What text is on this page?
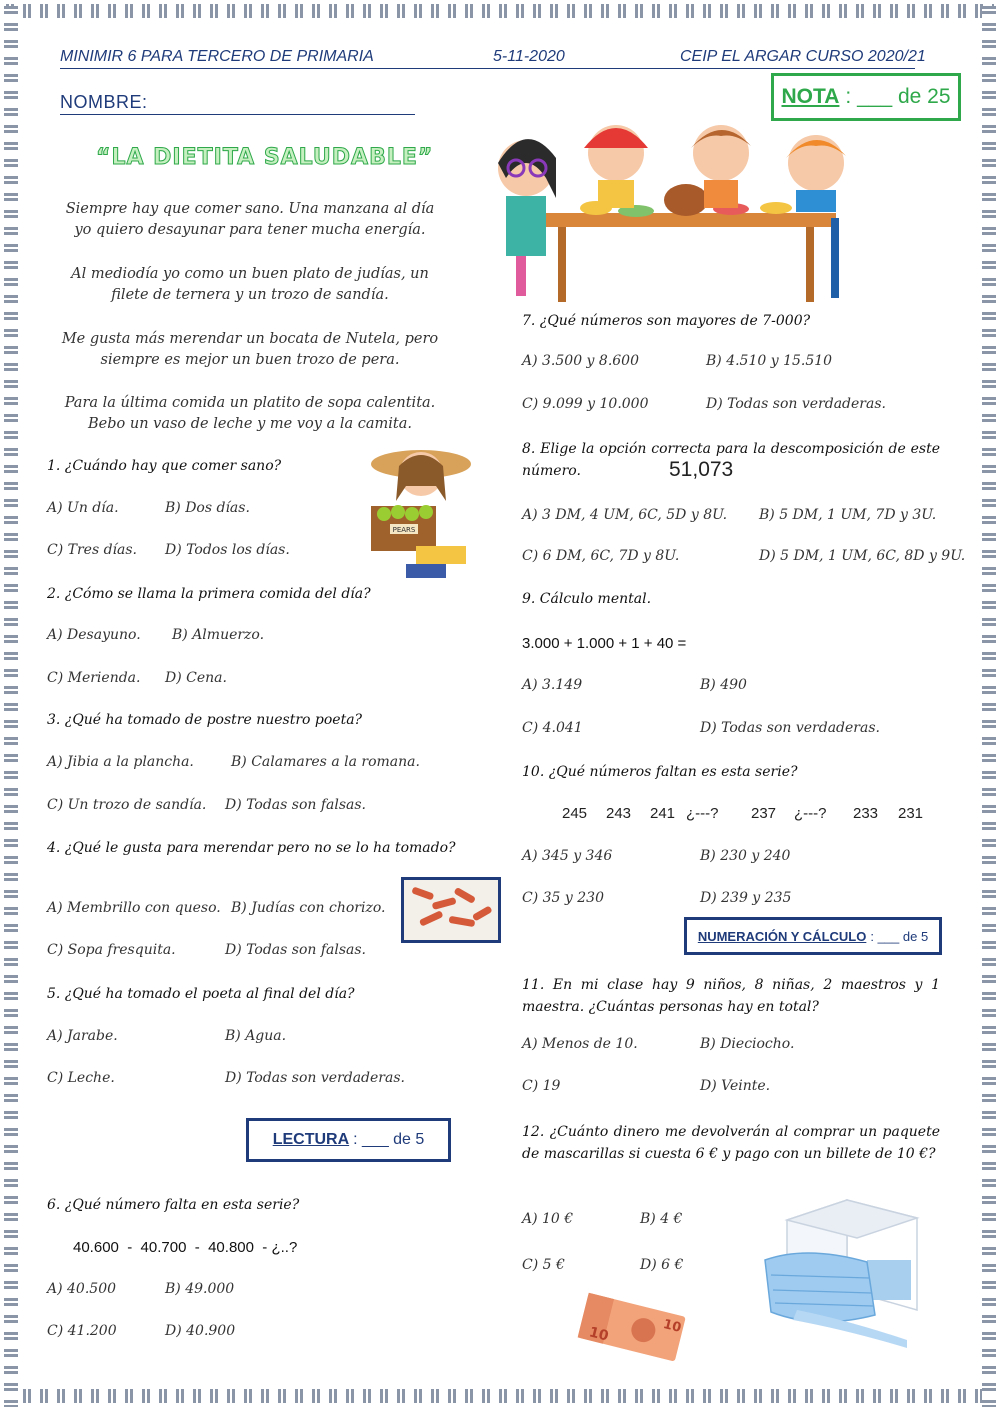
MINIMIR 6 PARA TERCERO DE PRIMARIA	5-11-2020	CEIP EL ARGAR CURSO 2020/21
NOMBRE:	NOTA : ___ de 25
“LA DIETITA SALUDABLE”
Siempre hay que comer sano. Una manzana al día
yo quiero desayunar para tener mucha energía.
Al mediodía yo como un buen plato de judías, un
filete de ternera y un trozo de sandía.
Me gusta más merendar un bocata de Nutela, pero
siempre es mejor un buen trozo de pera.
Para la última comida un platito de sopa calentita.
Bebo un vaso de leche y me voy a la camita.
PEARS
1. ¿Cuándo hay que comer sano?
A) Un día.	B) Dos días.
C) Tres días. D) Todos los días.
2. ¿Cómo se llama la primera comida del día?
A) Desayuno. B) Almuerzo.
C) Merienda. D) Cena.
3. ¿Qué ha tomado de postre nuestro poeta?
A) Jibia a la plancha.	B) Calamares a la romana.
C) Un trozo de sandía. D) Todas son falsas.
4. ¿Qué le gusta para merendar pero no se lo ha tomado?
A) Membrillo con queso. B) Judías con chorizo.
C) Sopa fresquita.	D) Todas son falsas.
5. ¿Qué ha tomado el poeta al final del día?
A) Jarabe.	B) Agua.
C) Leche.	D) Todas son verdaderas.
LECTURA : ___ de 5
6. ¿Qué número falta en esta serie?
40.600  -  40.700  -  40.800  - ¿..?
A) 40.500	B) 49.000
C) 41.200	D) 40.900
7. ¿Qué números son mayores de 7-000?
A) 3.500 y 8.600	B) 4.510 y 15.510
C) 9.099 y 10.000	D) Todas son verdaderas.
8. Elige la opción correcta para la descomposición de este número.	51,073
A) 3 DM, 4 UM, 6C, 5D y 8U. B) 5 DM, 1 UM, 7D y 3U.
C) 6 DM, 6C, 7D y 8U.	D) 5 DM, 1 UM, 6C, 8D y 9U.
9. Cálculo mental.
3.000 + 1.000 + 1 + 40 =
A) 3.149	B) 490
C) 4.041	D) Todas son verdaderas.
10. ¿Qué números faltan es esta serie?
245 243 241 ¿---? 237 ¿---? 233 231
A) 345 y 346	B) 230 y 240
C) 35 y 230	D) 239 y 235
NUMERACIÓN Y CÁLCULO : ___ de 5
11. En mi clase hay 9 niños, 8 niñas, 2 maestros y 1 maestra. ¿Cuántas personas hay en total?
A) Menos de 10.	B) Dieciocho.
C) 19	D) Veinte.
12. ¿Cuánto dinero me devolverán al comprar un paquete de mascarillas si cuesta 6 € y pago con un billete de 10 €?
A) 10 €	B) 4 €
C) 5 €	D) 6 €
10	10
